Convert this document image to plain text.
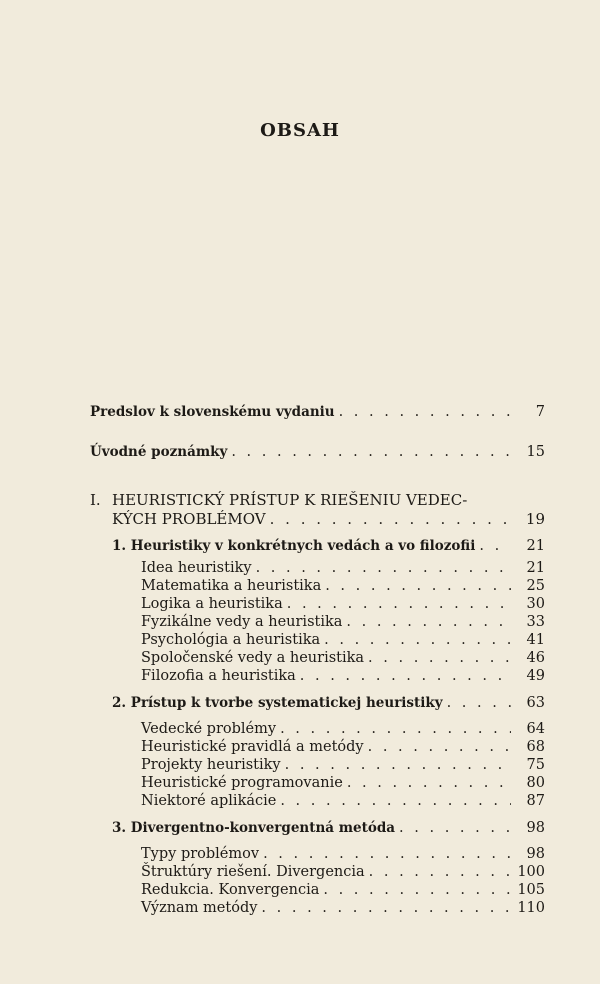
OBSAH
Predslov k slovenskému vydaniu . . .	7
Úvodné poznámky . . .	15
I. HEURISTICKÝ PRÍSTUP K RIEŠENIU VEDEC-
KÝCH PROBLÉMOV . . .	19
1. Heuristiky v konkrétnych vedách a vo filozofii . . .	21
Idea heuristiky . . .	21
Matematika a heuristika . . .	25
Logika a heuristika . . .	30
Fyzikálne vedy a heuristika . . .	33
Psychológia a heuristika . . .	41
Spoločenské vedy a heuristika . . .	46
Filozofia a heuristika . . .	49
2. Prístup k tvorbe systematickej heuristiky . . .	63
Vedecké problémy . . .	64
Heuristické pravidlá a metódy . . .	68
Projekty heuristiky . . .	75
Heuristické programovanie . . .	80
Niektoré aplikácie . . .	87
3. Divergentno-konvergentná metóda . . .	98
Typy problémov . . .	98
Štruktúry riešení. Divergencia . . .	100
Redukcia. Konvergencia . . .	105
Význam metódy . . .	110
